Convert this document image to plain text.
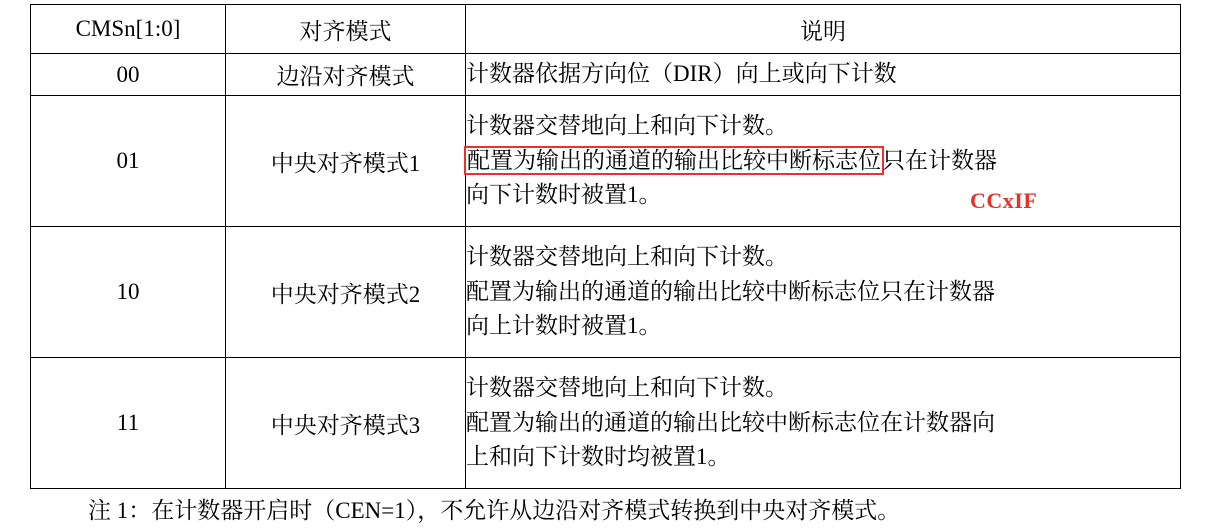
CMSn[1:0]	对齐模式	说明
00	边沿对齐模式	计数器依据方向位（DIR）向上或向下计数

01	中央对齐模式1	计数器交替地向上和向下计数。
配置为输出的通道的输出比较中断标志位只在计数器
向下计数时被置1。

10	中央对齐模式2	计数器交替地向上和向下计数。
配置为输出的通道的输出比较中断标志位只在计数器
向上计数时被置1。

11	中央对齐模式3	计数器交替地向上和向下计数。
配置为输出的通道的输出比较中断标志位在计数器向
上和向下计数时均被置1。
CCxIF
注 1：在计数器开启时（CEN=1），不允许从边沿对齐模式转换到中央对齐模式。
